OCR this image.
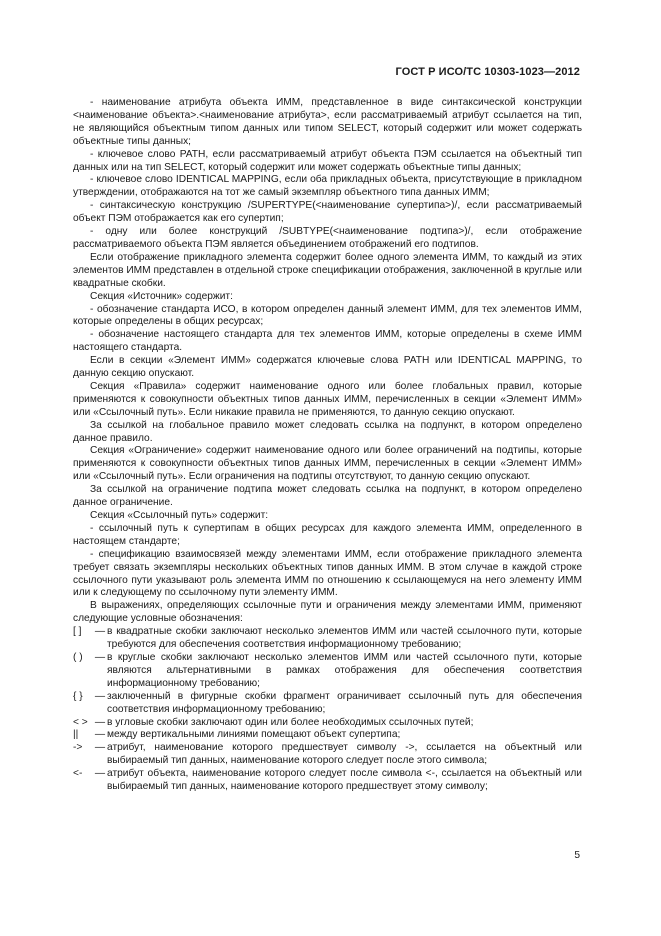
ГОСТ Р ИСО/ТС 10303-1023—2012

- наименование атрибута объекта ИММ, представленное в виде синтаксической конструкции <наименование объекта>.<наименование атрибута>, если рассматриваемый атрибут ссылается на тип, не являющийся объектным типом данных или типом SELECT, который содержит или может содержать объектные типы данных;

- ключевое слово PATH, если рассматриваемый атрибут объекта ПЭМ ссылается на объектный тип данных или на тип SELECT, который содержит или может содержать объектные типы данных;

- ключевое слово IDENTICAL MAPPING, если оба прикладных объекта, присутствующие в прикладном утверждении, отображаются на тот же самый экземпляр объектного типа данных ИММ;

- синтаксическую конструкцию /SUPERTYPE(<наименование супертипа>)/, если рассматриваемый объект ПЭМ отображается как его супертип;

- одну или более конструкций /SUBTYPE(<наименование подтипа>)/, если отображение рассматриваемого объекта ПЭМ является объединением отображений его подтипов.

Если отображение прикладного элемента содержит более одного элемента ИММ, то каждый из этих элементов ИММ представлен в отдельной строке спецификации отображения, заключенной в круглые или квадратные скобки.

Секция «Источник» содержит:

- обозначение стандарта ИСО, в котором определен данный элемент ИММ, для тех элементов ИММ, которые определены в общих ресурсах;

- обозначение настоящего стандарта для тех элементов ИММ, которые определены в схеме ИММ настоящего стандарта.

Если в секции «Элемент ИММ» содержатся ключевые слова PATH или IDENTICAL MAPPING, то данную секцию опускают.

Секция «Правила» содержит наименование одного или более глобальных правил, которые применяются к совокупности объектных типов данных ИММ, перечисленных в секции «Элемент ИММ» или «Ссылочный путь». Если никакие правила не применяются, то данную секцию опускают.

За ссылкой на глобальное правило может следовать ссылка на подпункт, в котором определено данное правило.

Секция «Ограничение» содержит наименование одного или более ограничений на подтипы, которые применяются к совокупности объектных типов данных ИММ, перечисленных в секции «Элемент ИММ» или «Ссылочный путь». Если ограничения на подтипы отсутствуют, то данную секцию опускают.

За ссылкой на ограничение подтипа может следовать ссылка на подпункт, в котором определено данное ограничение.

Секция «Ссылочный путь» содержит:

- ссылочный путь к супертипам в общих ресурсах для каждого элемента ИММ, определенного в настоящем стандарте;

- спецификацию взаимосвязей между элементами ИММ, если отображение прикладного элемента требует связать экземпляры нескольких объектных типов данных ИММ. В этом случае в каждой строке ссылочного пути указывают роль элемента ИММ по отношению к ссылающемуся на него элементу ИММ или к следующему по ссылочному пути элементу ИММ.

В выражениях, определяющих ссылочные пути и ограничения между элементами ИММ, применяют следующие условные обозначения:

[ ]	— в квадратные скобки заключают несколько элементов ИММ или частей ссылочного пути, которые требуются для обеспечения соответствия информационному требованию;
( )	— в круглые скобки заключают несколько элементов ИММ или частей ссылочного пути, которые являются альтернативными в рамках отображения для обеспечения соответствия информационному требованию;
{ }	— заключенный в фигурные скобки фрагмент ограничивает ссылочный путь для обеспечения соответствия информационному требованию;
< > — в угловые скобки заключают один или более необходимых ссылочных путей;
||	— между вертикальными линиями помещают объект супертипа;
->	— атрибут, наименование которого предшествует символу ->, ссылается на объектный или выбираемый тип данных, наименование которого следует после этого символа;
<-	— атрибут объекта, наименование которого следует после символа <-, ссылается на объектный или выбираемый тип данных, наименование которого предшествует этому символу;
5
